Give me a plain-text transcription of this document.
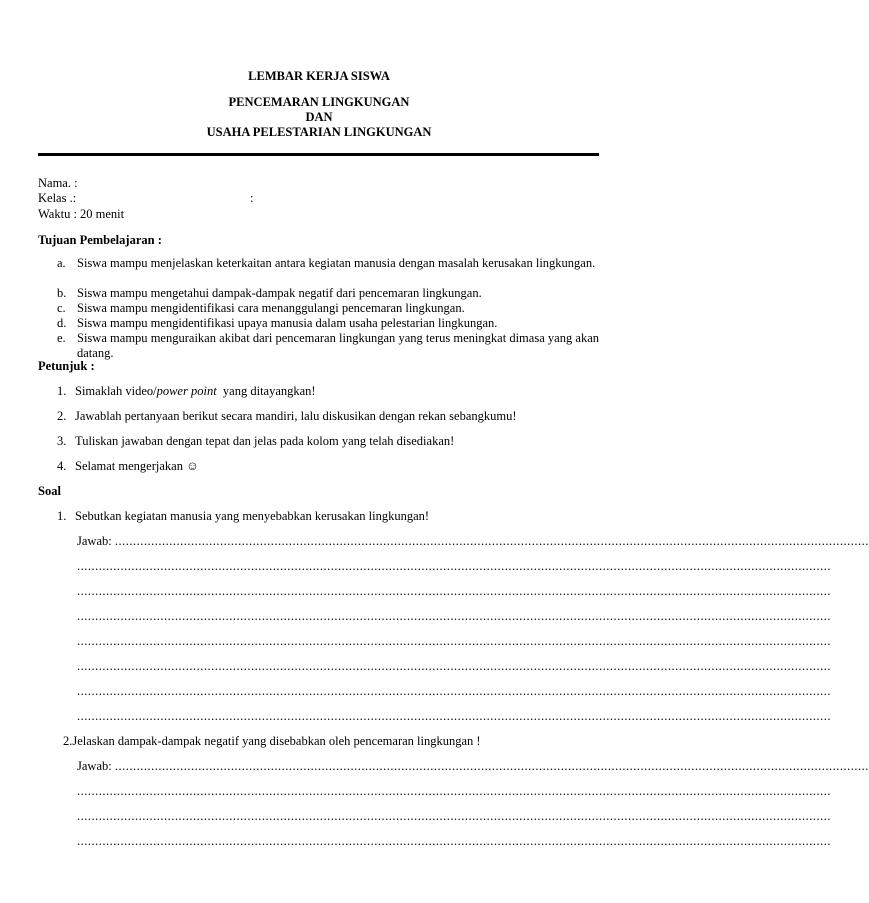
LEMBAR KERJA SISWA
PENCEMARAN LINGKUNGAN
DAN
USAHA PELESTARIAN LINGKUNGAN
Nama. :
Kelas .:	:
Waktu : 20 menit
Tujuan Pembelajaran :
a. Siswa mampu menjelaskan keterkaitan antara kegiatan manusia dengan masalah kerusakan lingkungan.
b. Siswa mampu mengetahui dampak-dampak negatif dari pencemaran lingkungan.
c. Siswa mampu mengidentifikasi cara menanggulangi pencemaran lingkungan.
d. Siswa mampu mengidentifikasi upaya manusia dalam usaha pelestarian lingkungan.
e. Siswa mampu menguraikan akibat dari pencemaran lingkungan yang terus meningkat dimasa yang akan datang.
Petunjuk :
1. Simaklah video/power point  yang ditayangkan!
2. Jawablah pertanyaan berikut secara mandiri, lalu diskusikan dengan rekan sebangkumu!
3. Tuliskan jawaban dengan tepat dan jelas pada kolom yang telah disediakan!
4. Selamat mengerjakan ☺
Soal
1. Sebutkan kegiatan manusia yang menyebabkan kerusakan lingkungan!
Jawab: ................................................................................................................................................................................................................
................................................................................................................................................................................................................
................................................................................................................................................................................................................
................................................................................................................................................................................................................
................................................................................................................................................................................................................
................................................................................................................................................................................................................
................................................................................................................................................................................................................
................................................................................................................................................................................................................
2.Jelaskan dampak-dampak negatif yang disebabkan oleh pencemaran lingkungan !
Jawab: ................................................................................................................................................................................................................
................................................................................................................................................................................................................
................................................................................................................................................................................................................
................................................................................................................................................................................................................
